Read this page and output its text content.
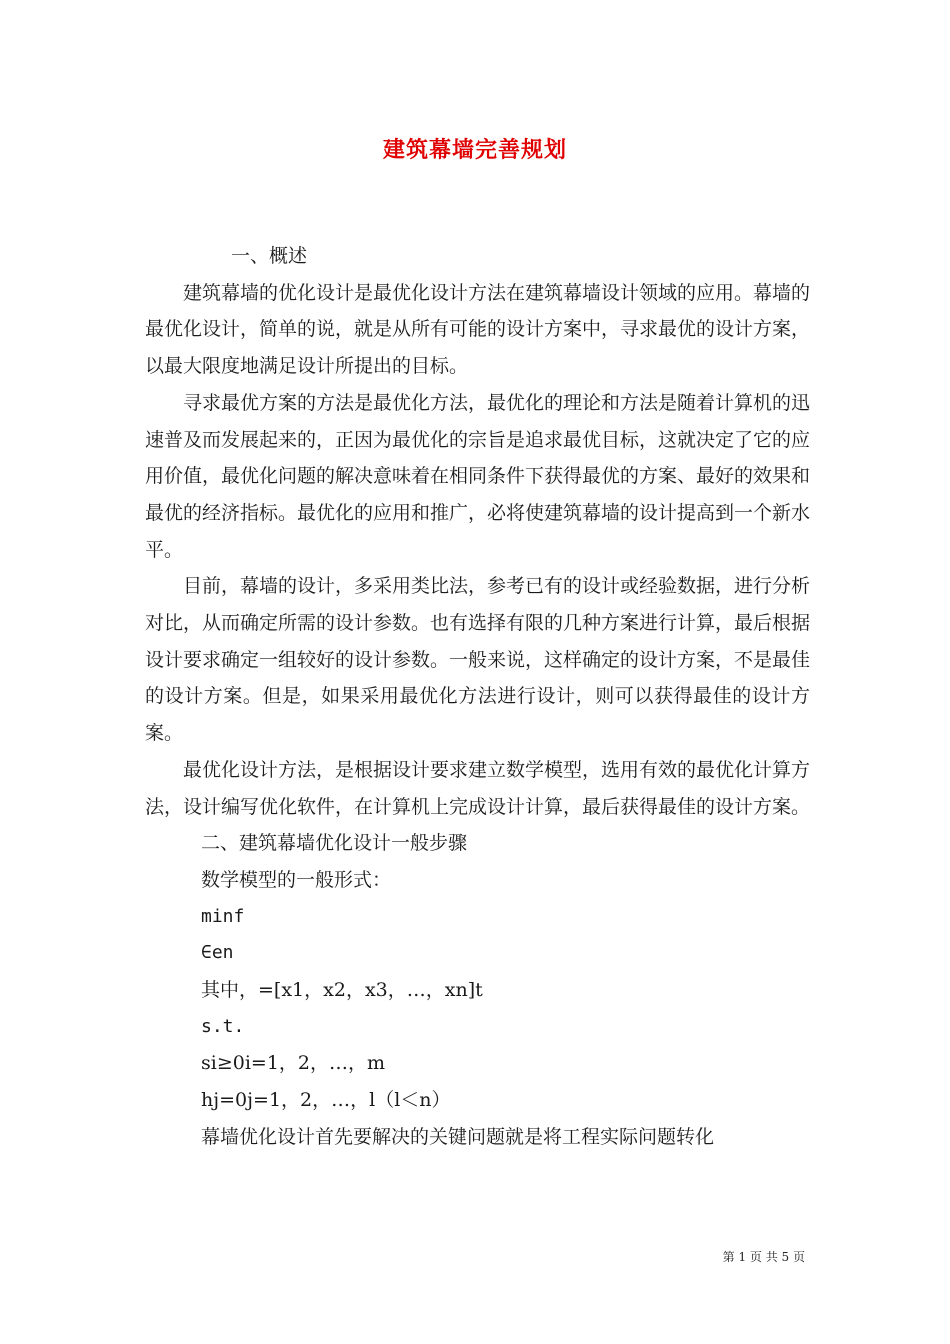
建筑幕墙完善规划

一、概述

建筑幕墙的优化设计是最优化设计方法在建筑幕墙设计领域的应用。幕墙的最优化设计，简单的说，就是从所有可能的设计方案中，寻求最优的设计方案，以最大限度地满足设计所提出的目标。

寻求最优方案的方法是最优化方法，最优化的理论和方法是随着计算机的迅速普及而发展起来的，正因为最优化的宗旨是追求最优目标，这就决定了它的应用价值，最优化问题的解决意味着在相同条件下获得最优的方案、最好的效果和最优的经济指标。最优化的应用和推广，必将使建筑幕墙的设计提高到一个新水平。

目前，幕墙的设计，多采用类比法，参考已有的设计或经验数据，进行分析对比，从而确定所需的设计参数。也有选择有限的几种方案进行计算，最后根据设计要求确定一组较好的设计参数。一般来说，这样确定的设计方案，不是最佳的设计方案。但是，如果采用最优化方法进行设计，则可以获得最佳的设计方案。

最优化设计方法，是根据设计要求建立数学模型，选用有效的最优化计算方法，设计编写优化软件，在计算机上完成设计计算，最后获得最佳的设计方案。

二、建筑幕墙优化设计一般步骤

数学模型的一般形式：

minf

∈en

其中，=[x1，x2，x3，…，xn]t

s.t.

si≥0i=1，2，…，m

hj=0j=1，2，…，l（l＜n）

幕墙优化设计首先要解决的关键问题就是将工程实际问题转化

第 1 页 共 5 页
